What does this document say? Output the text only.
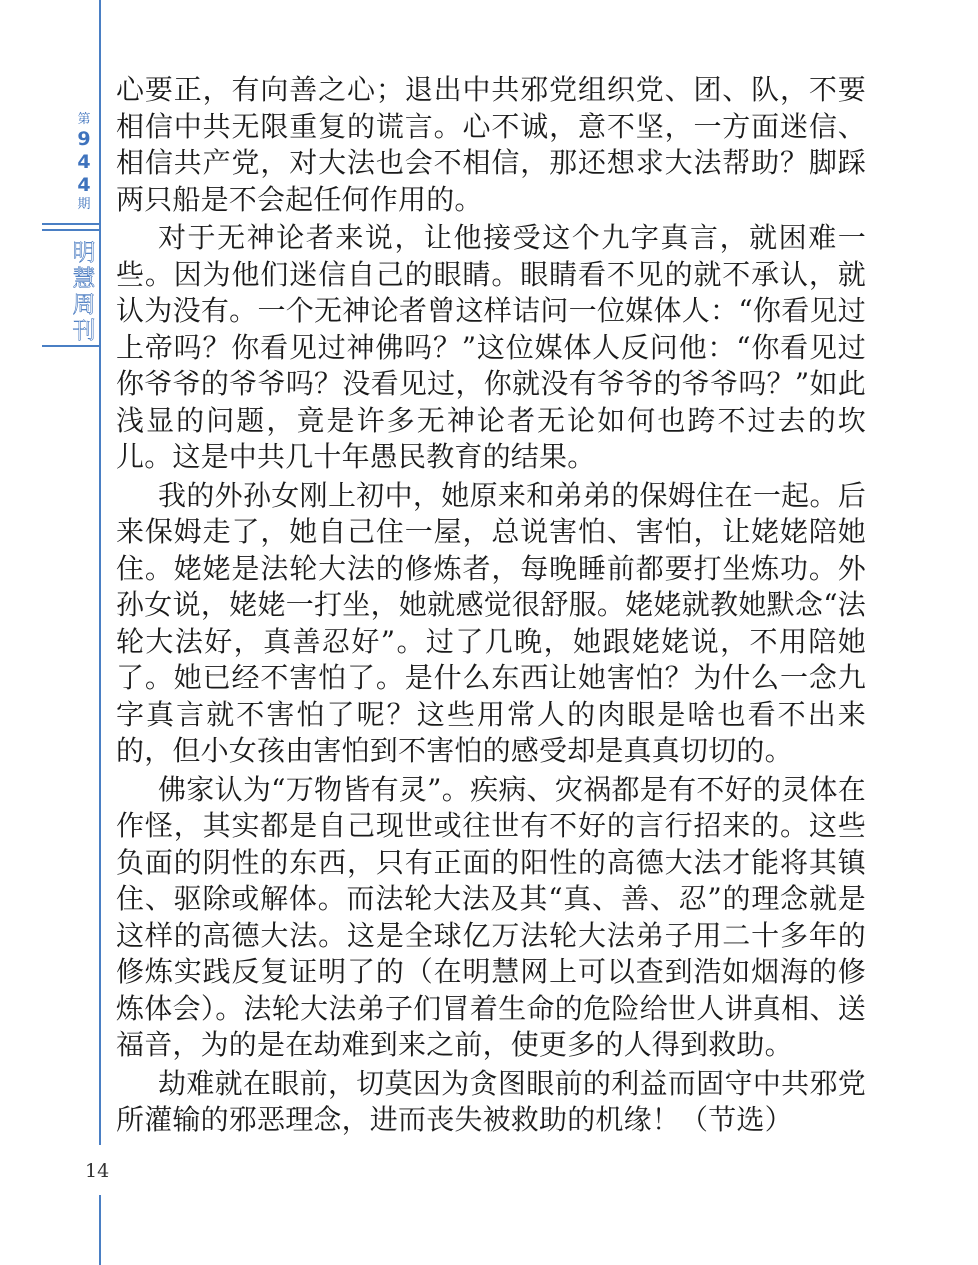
第
9
4
4
期
明
慧
周
刊

心要正，有向善之心；退出中共邪党组织党、团、队，不要相信中共无限重复的谎言。心不诚，意不坚，一方面迷信、相信共产党，对大法也会不相信，那还想求大法帮助？脚踩两只船是不会起任何作用的。

对于无神论者来说，让他接受这个九字真言，就困难一些。因为他们迷信自己的眼睛。眼睛看不见的就不承认，就认为没有。一个无神论者曾这样诘问一位媒体人：“你看见过上帝吗？你看见过神佛吗？”这位媒体人反问他：“你看见过你爷爷的爷爷吗？没看见过，你就没有爷爷的爷爷吗？”如此浅显的问题，竟是许多无神论者无论如何也跨不过去的坎儿。这是中共几十年愚民教育的结果。

我的外孙女刚上初中，她原来和弟弟的保姆住在一起。后来保姆走了，她自己住一屋，总说害怕、害怕，让姥姥陪她住。姥姥是法轮大法的修炼者，每晚睡前都要打坐炼功。外孙女说，姥姥一打坐，她就感觉很舒服。姥姥就教她默念“法轮大法好，真善忍好”。过了几晚，她跟姥姥说，不用陪她了。她已经不害怕了。是什么东西让她害怕？为什么一念九字真言就不害怕了呢？这些用常人的肉眼是啥也看不出来的，但小女孩由害怕到不害怕的感受却是真真切切的。

佛家认为“万物皆有灵”。疾病、灾祸都是有不好的灵体在作怪，其实都是自己现世或往世有不好的言行招来的。这些负面的阴性的东西，只有正面的阳性的高德大法才能将其镇住、驱除或解体。而法轮大法及其“真、善、忍”的理念就是这样的高德大法。这是全球亿万法轮大法弟子用二十多年的修炼实践反复证明了的（在明慧网上可以查到浩如烟海的修炼体会）。法轮大法弟子们冒着生命的危险给世人讲真相、送福音，为的是在劫难到来之前，使更多的人得到救助。

劫难就在眼前，切莫因为贪图眼前的利益而固守中共邪党所灌输的邪恶理念，进而丧失被救助的机缘！（节选）

14
